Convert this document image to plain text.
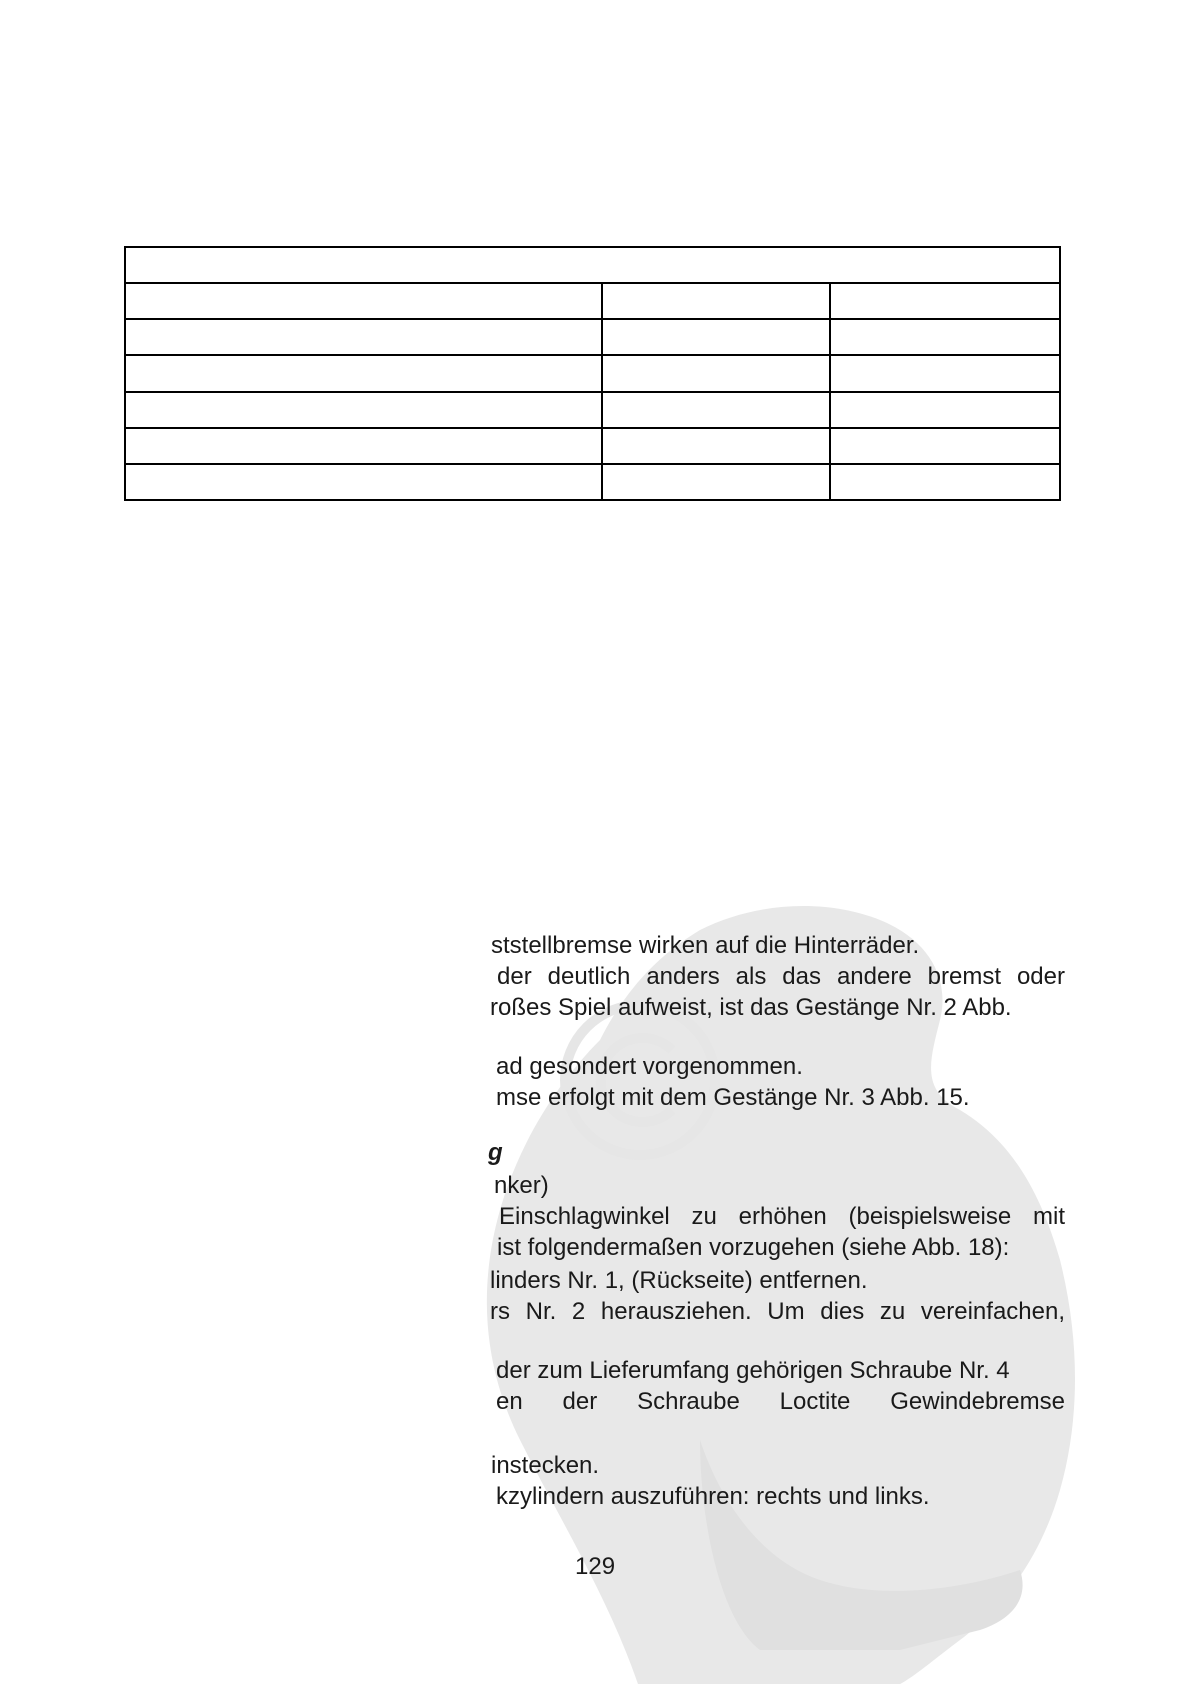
ststellbremse wirken auf die Hinterräder.
der deutlich anders als das andere bremst oder
roßes Spiel aufweist, ist das Gestänge Nr. 2 Abb.
ad gesondert vorgenommen.
mse erfolgt mit dem Gestänge Nr. 3 Abb. 15.
g
nker)
Einschlagwinkel zu erhöhen (beispielsweise mit
ist folgendermaßen vorzugehen (siehe Abb. 18):
linders Nr. 1, (Rückseite) entfernen.
rs Nr. 2 herausziehen. Um dies zu vereinfachen,
der zum Lieferumfang gehörigen Schraube Nr. 4
en der Schraube Loctite Gewindebremse
instecken.
kzylindern auszuführen: rechts und links.
129
